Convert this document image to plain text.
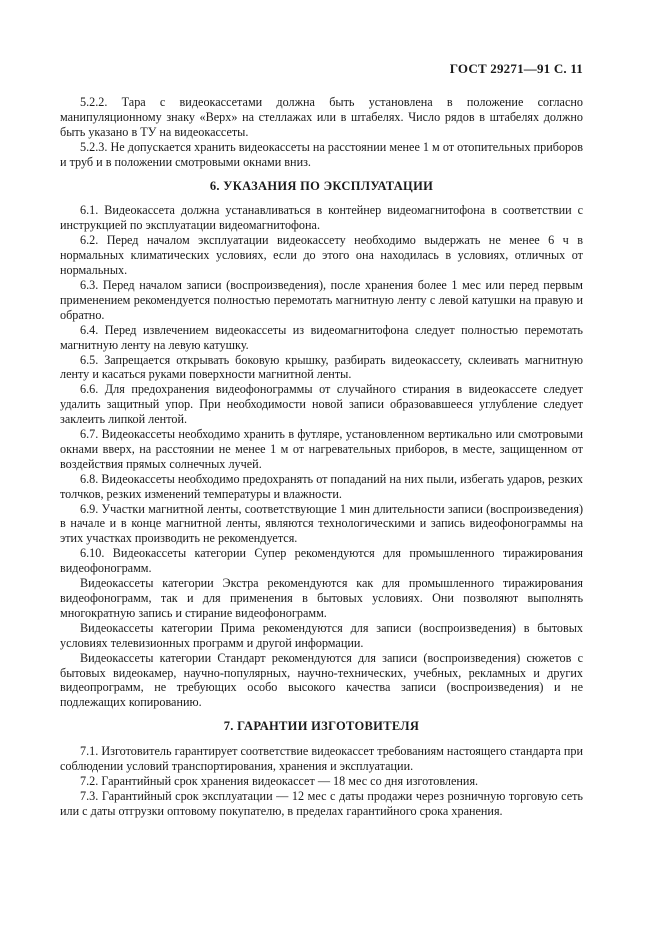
ГОСТ 29271—91 С. 11

5.2.2. Тара с видеокассетами должна быть установлена в положение согласно манипуляционному знаку «Верх» на стеллажах или в штабелях. Число рядов в штабелях должно быть указано в ТУ на видеокассеты.

5.2.3. Не допускается хранить видеокассеты на расстоянии менее 1 м от отопительных приборов и труб и в положении смотровыми окнами вниз.

6. УКАЗАНИЯ ПО ЭКСПЛУАТАЦИИ

6.1. Видеокассета должна устанавливаться в контейнер видеомагнитофона в соответствии с инструкцией по эксплуатации видеомагнитофона.

6.2. Перед началом эксплуатации видеокассету необходимо выдержать не менее 6 ч в нормальных климатических условиях, если до этого она находилась в условиях, отличных от нормальных.

6.3. Перед началом записи (воспроизведения), после хранения более 1 мес или перед первым применением рекомендуется полностью перемотать магнитную ленту с левой катушки на правую и обратно.

6.4. Перед извлечением видеокассеты из видеомагнитофона следует полностью перемотать магнитную ленту на левую катушку.

6.5. Запрещается открывать боковую крышку, разбирать видеокассету, склеивать магнитную ленту и касаться руками поверхности магнитной ленты.

6.6. Для предохранения видеофонограммы от случайного стирания в видеокассете следует удалить защитный упор. При необходимости новой записи образовавшееся углубление следует заклеить липкой лентой.

6.7. Видеокассеты необходимо хранить в футляре, установленном вертикально или смотровыми окнами вверх, на расстоянии не менее 1 м от нагревательных приборов, в месте, защищенном от воздействия прямых солнечных лучей.

6.8. Видеокассеты необходимо предохранять от попаданий на них пыли, избегать ударов, резких толчков, резких изменений температуры и влажности.

6.9. Участки магнитной ленты, соответствующие 1 мин длительности записи (воспроизведения) в начале и в конце магнитной ленты, являются технологическими и запись видеофонограммы на этих участках производить не рекомендуется.

6.10. Видеокассеты категории Супер рекомендуются для промышленного тиражирования видеофонограмм.

Видеокассеты категории Экстра рекомендуются как для промышленного тиражирования видеофонограмм, так и для применения в бытовых условиях. Они позволяют выполнять многократную запись и стирание видеофонограмм.

Видеокассеты категории Прима рекомендуются для записи (воспроизведения) в бытовых условиях телевизионных программ и другой информации.

Видеокассеты категории Стандарт рекомендуются для записи (воспроизведения) сюжетов с бытовых видеокамер, научно-популярных, научно-технических, учебных, рекламных и других видеопрограмм, не требующих особо высокого качества записи (воспроизведения) и не подлежащих копированию.

7. ГАРАНТИИ ИЗГОТОВИТЕЛЯ

7.1. Изготовитель гарантирует соответствие видеокассет требованиям настоящего стандарта при соблюдении условий транспортирования, хранения и эксплуатации.

7.2. Гарантийный срок хранения видеокассет — 18 мес со дня изготовления.

7.3. Гарантийный срок эксплуатации — 12 мес с даты продажи через розничную торговую сеть или с даты отгрузки оптовому покупателю, в пределах гарантийного срока хранения.
